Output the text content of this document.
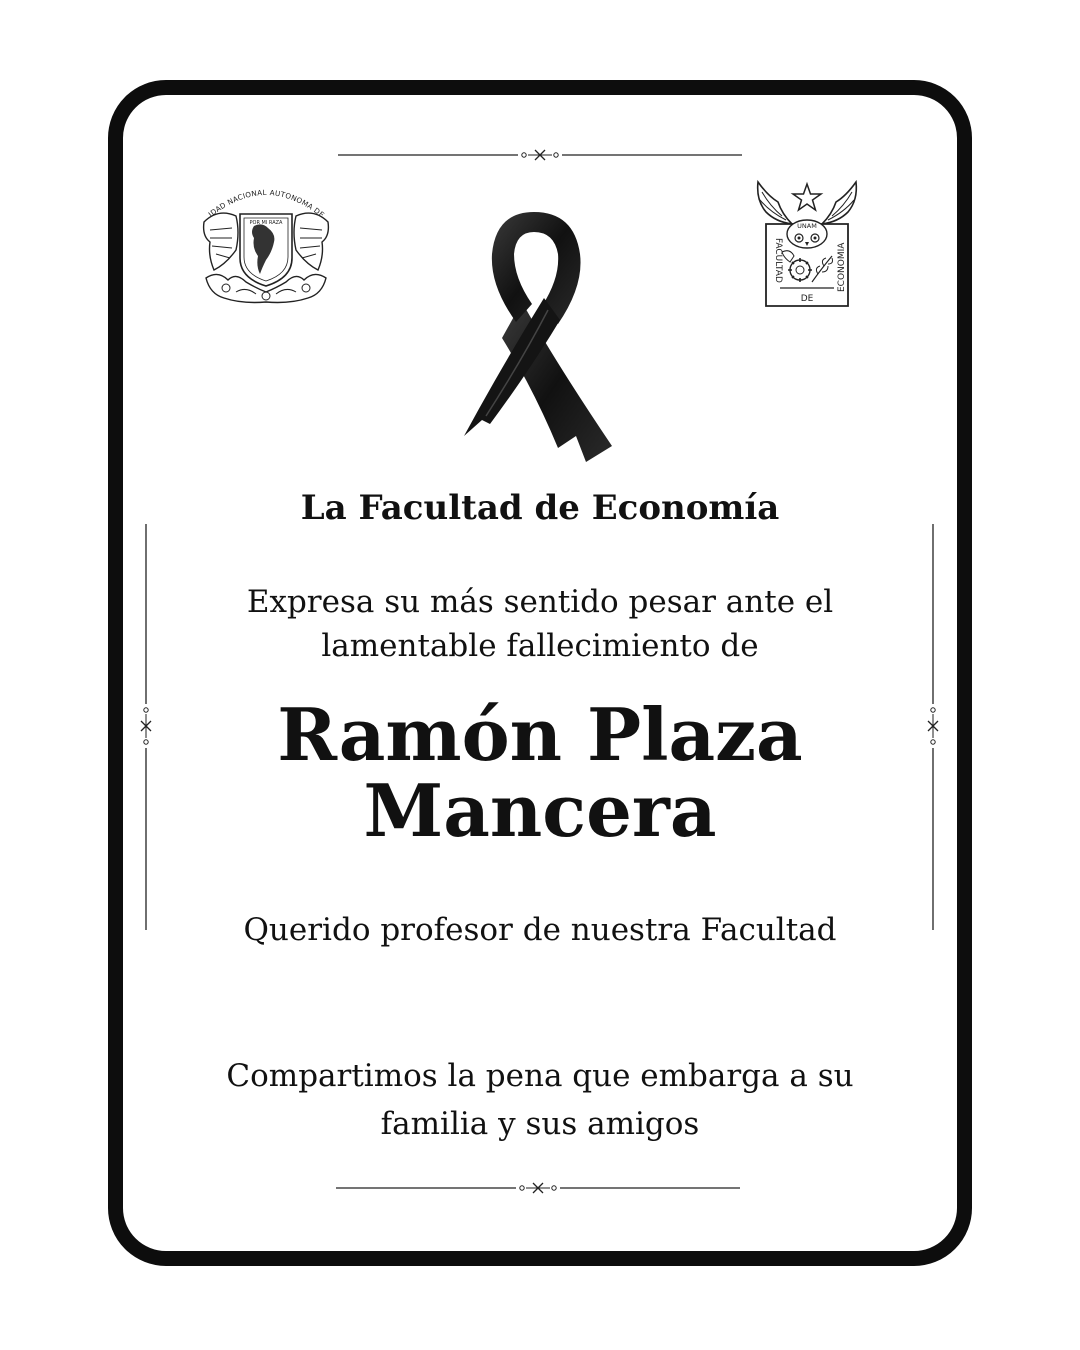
UNIVERSIDAD NACIONAL AUTONOMA DE MEXICO
POR MI RAZA	UNAM
FACULTAD	ECONOMIA
DE
La Facultad de Economía
Expresa su más sentido pesar ante el
lamentable fallecimiento de
Ramón Plaza
Mancera
Querido profesor de nuestra Facultad
Compartimos la pena que embarga a su
familia y sus amigos
